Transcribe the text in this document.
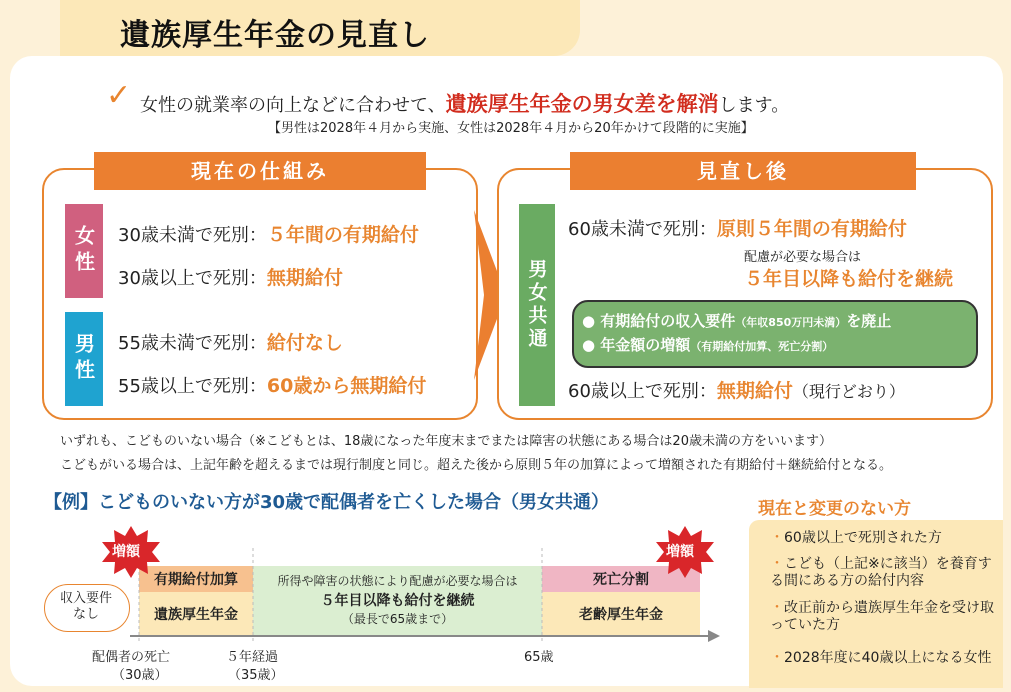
遺族厚生年金の見直し
✓ 女性の就業率の向上などに合わせて、遺族厚生年金の男女差を解消します。
【男性は2028年４月から実施、女性は2028年４月から20年かけて段階的に実施】
現在の仕組み
女性
男性
30歳未満で死別：５年間の有期給付
30歳以上で死別：無期給付
55歳未満で死別：給付なし
55歳以上で死別：60歳から無期給付
見直し後
男女共通
60歳未満で死別：原則５年間の有期給付
配慮が必要な場合は
５年目以降も給付を継続
● 有期給付の収入要件（年収850万円未満）を廃止
● 年金額の増額（有期給付加算、死亡分割）
60歳以上で死別：無期給付（現行どおり）
いずれも、こどものいない場合（※こどもとは、18歳になった年度末までまたは障害の状態にある場合は20歳未満の方をいいます）
こどもがいる場合は、上記年齢を超えるまでは現行制度と同じ。超えた後から原則５年の加算によって増額された有期給付＋継続給付となる。
【例】こどものいない方が30歳で配偶者を亡くした場合（男女共通）
有期給付加算
遺族厚生年金
所得や障害の状態により配慮が必要な場合は
５年目以降も給付を継続
（最長で65歳まで）
死亡分割
老齢厚生年金
増額	増額
収入要件なし
配偶者の死亡
（30歳）
５年経過
（35歳）
65歳
現在と変更のない方
・60歳以上で死別された方
・こども（上記※に該当）を養育する間にある方の給付内容
・改正前から遺族厚生年金を受け取っていた方
・2028年度に40歳以上になる女性
